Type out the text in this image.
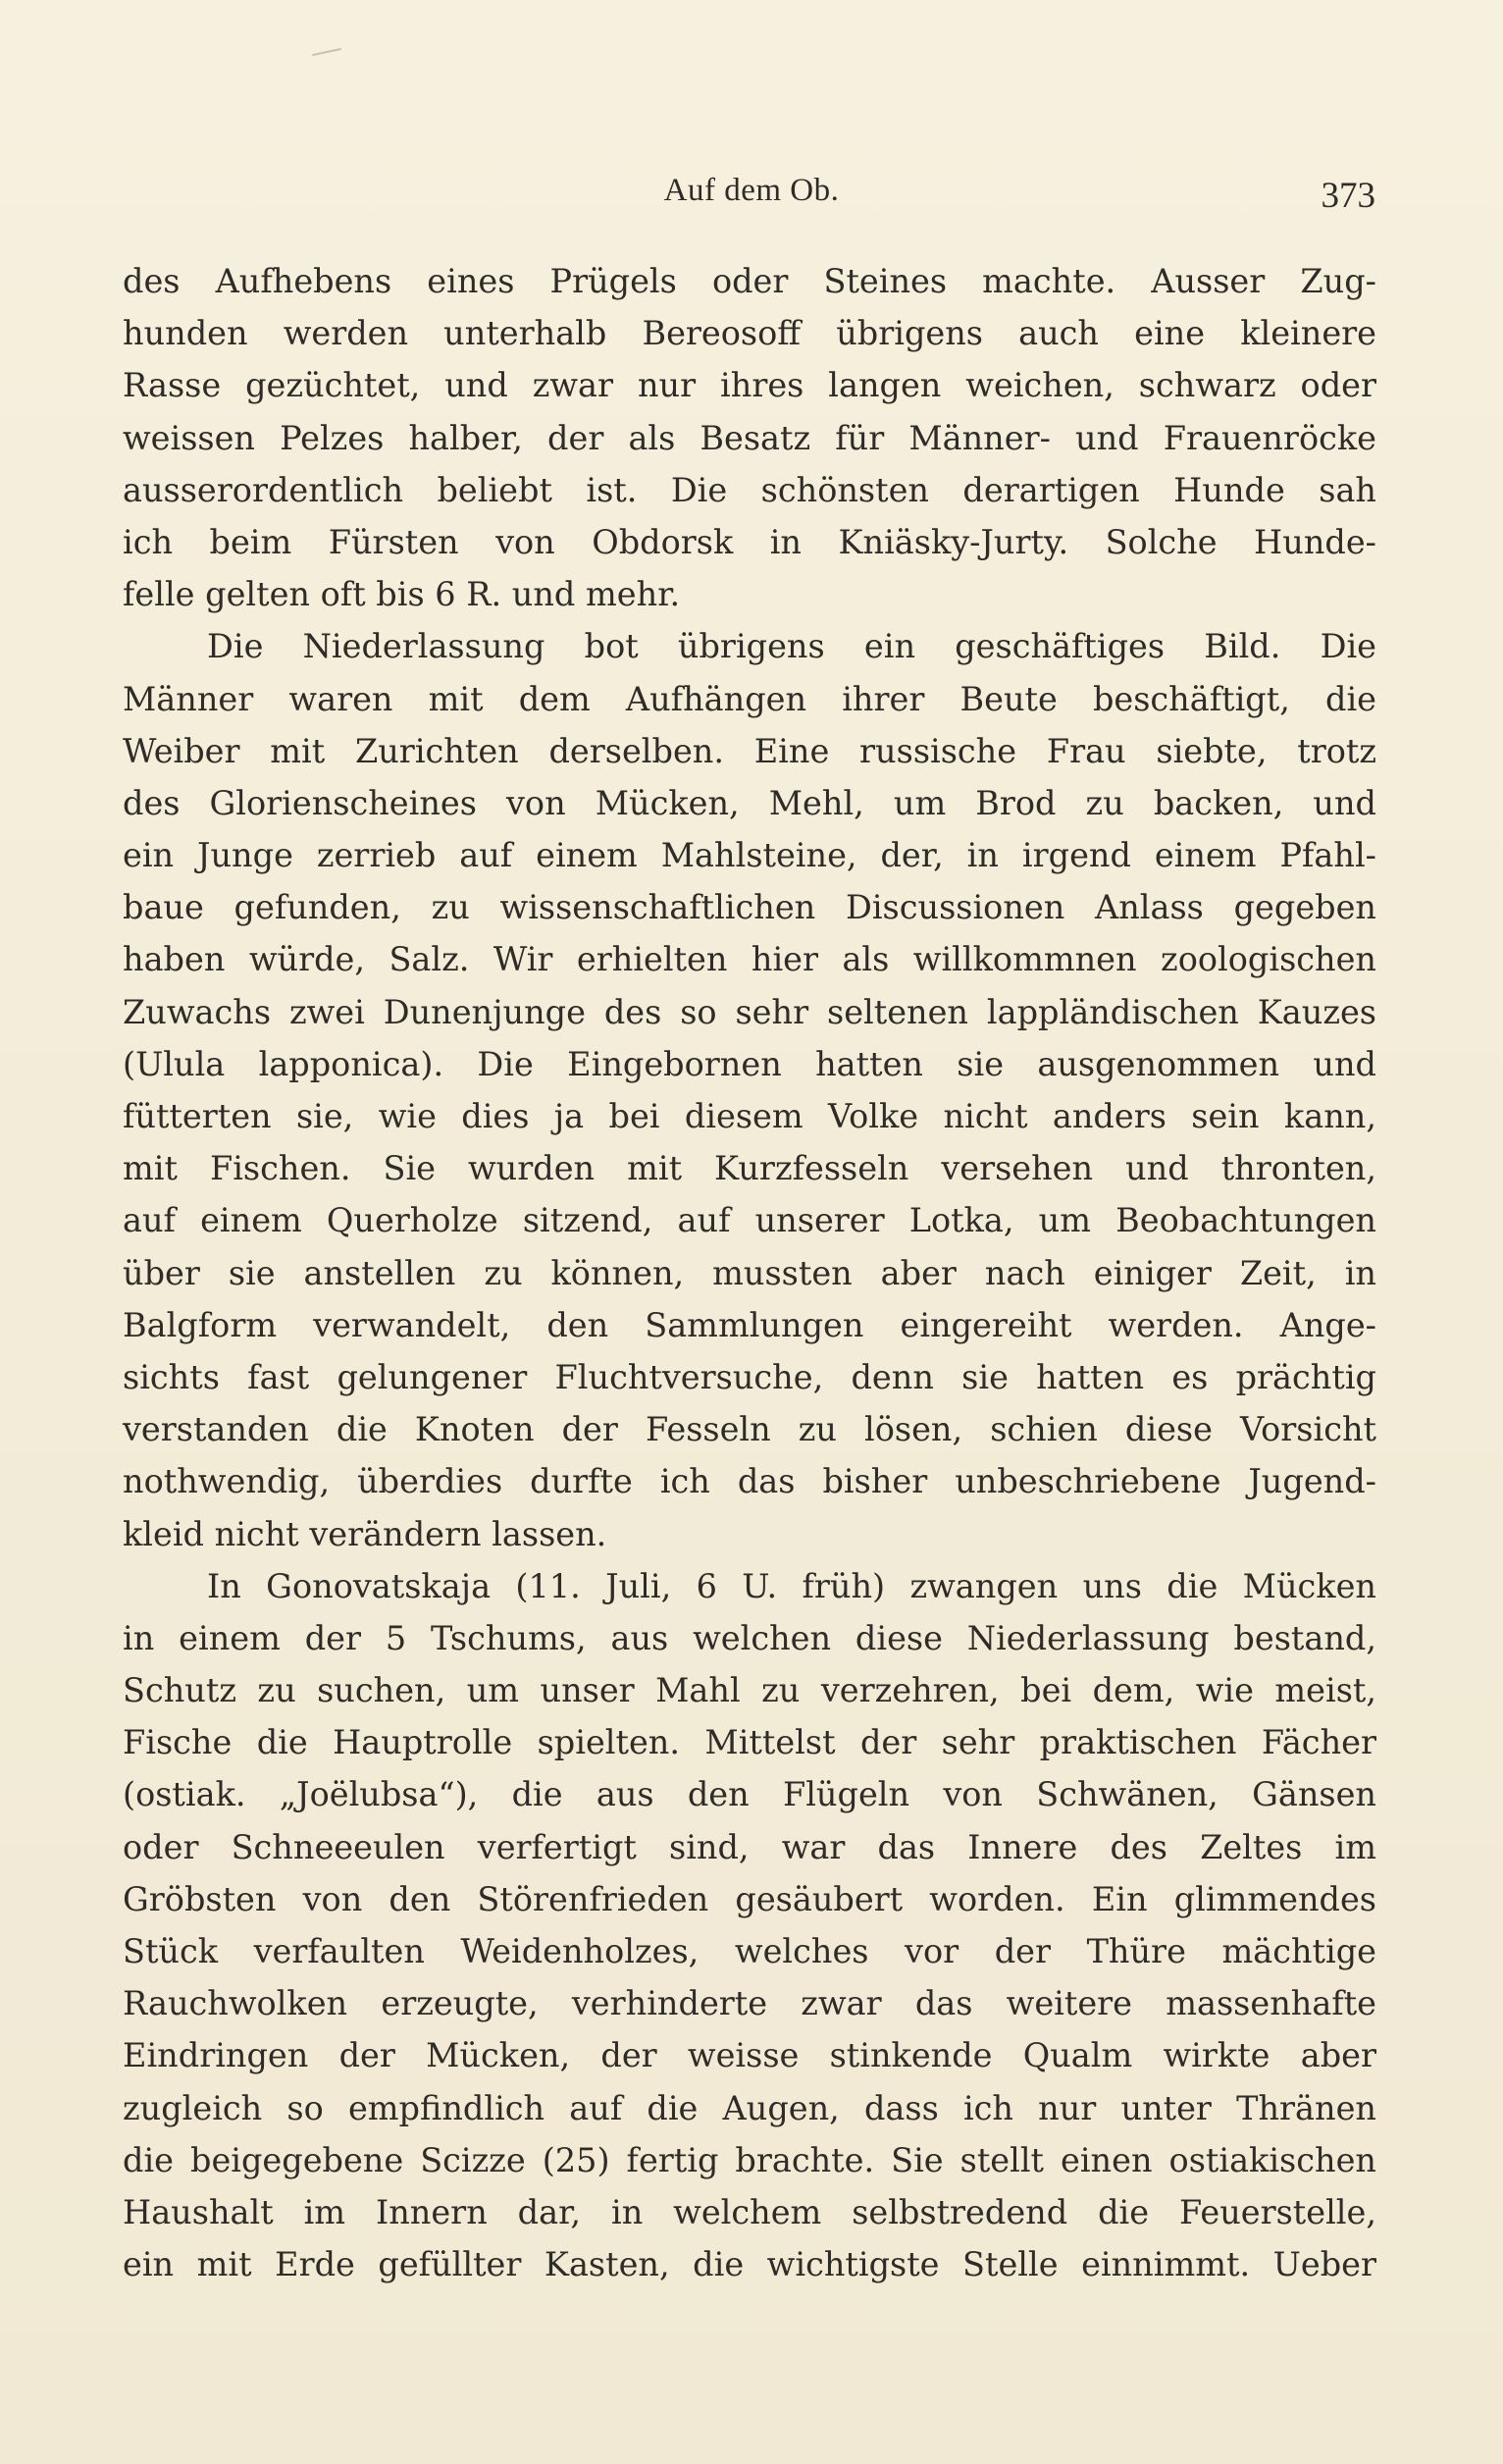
Auf dem Ob.	373
des Aufhebens eines Prügels oder Steines machte. Ausser Zug-
hunden werden unterhalb Bereosoff übrigens auch eine kleinere
Rasse gezüchtet, und zwar nur ihres langen weichen, schwarz oder
weissen Pelzes halber, der als Besatz für Männer- und Frauenröcke
ausserordentlich beliebt ist. Die schönsten derartigen Hunde sah
ich beim Fürsten von Obdorsk in Kniäsky-Jurty. Solche Hunde-
felle gelten oft bis 6 R. und mehr.
Die Niederlassung bot übrigens ein geschäftiges Bild. Die
Männer waren mit dem Aufhängen ihrer Beute beschäftigt, die
Weiber mit Zurichten derselben. Eine russische Frau siebte, trotz
des Glorienscheines von Mücken, Mehl, um Brod zu backen, und
ein Junge zerrieb auf einem Mahlsteine, der, in irgend einem Pfahl-
baue gefunden, zu wissenschaftlichen Discussionen Anlass gegeben
haben würde, Salz. Wir erhielten hier als willkommnen zoologischen
Zuwachs zwei Dunenjunge des so sehr seltenen lappländischen Kauzes
(Ulula lapponica). Die Eingebornen hatten sie ausgenommen und
fütterten sie, wie dies ja bei diesem Volke nicht anders sein kann,
mit Fischen. Sie wurden mit Kurzfesseln versehen und thronten,
auf einem Querholze sitzend, auf unserer Lotka, um Beobachtungen
über sie anstellen zu können, mussten aber nach einiger Zeit, in
Balgform verwandelt, den Sammlungen eingereiht werden. Ange-
sichts fast gelungener Fluchtversuche, denn sie hatten es prächtig
verstanden die Knoten der Fesseln zu lösen, schien diese Vorsicht
nothwendig, überdies durfte ich das bisher unbeschriebene Jugend-
kleid nicht verändern lassen.
In Gonovatskaja (11. Juli, 6 U. früh) zwangen uns die Mücken
in einem der 5 Tschums, aus welchen diese Niederlassung bestand,
Schutz zu suchen, um unser Mahl zu verzehren, bei dem, wie meist,
Fische die Hauptrolle spielten. Mittelst der sehr praktischen Fächer
(ostiak. „Joëlubsa“), die aus den Flügeln von Schwänen, Gänsen
oder Schneeeulen verfertigt sind, war das Innere des Zeltes im
Gröbsten von den Störenfrieden gesäubert worden. Ein glimmendes
Stück verfaulten Weidenholzes, welches vor der Thüre mächtige
Rauchwolken erzeugte, verhinderte zwar das weitere massenhafte
Eindringen der Mücken, der weisse stinkende Qualm wirkte aber
zugleich so empfindlich auf die Augen, dass ich nur unter Thränen
die beigegebene Scizze (25) fertig brachte. Sie stellt einen ostiakischen
Haushalt im Innern dar, in welchem selbstredend die Feuerstelle,
ein mit Erde gefüllter Kasten, die wichtigste Stelle einnimmt. Ueber
